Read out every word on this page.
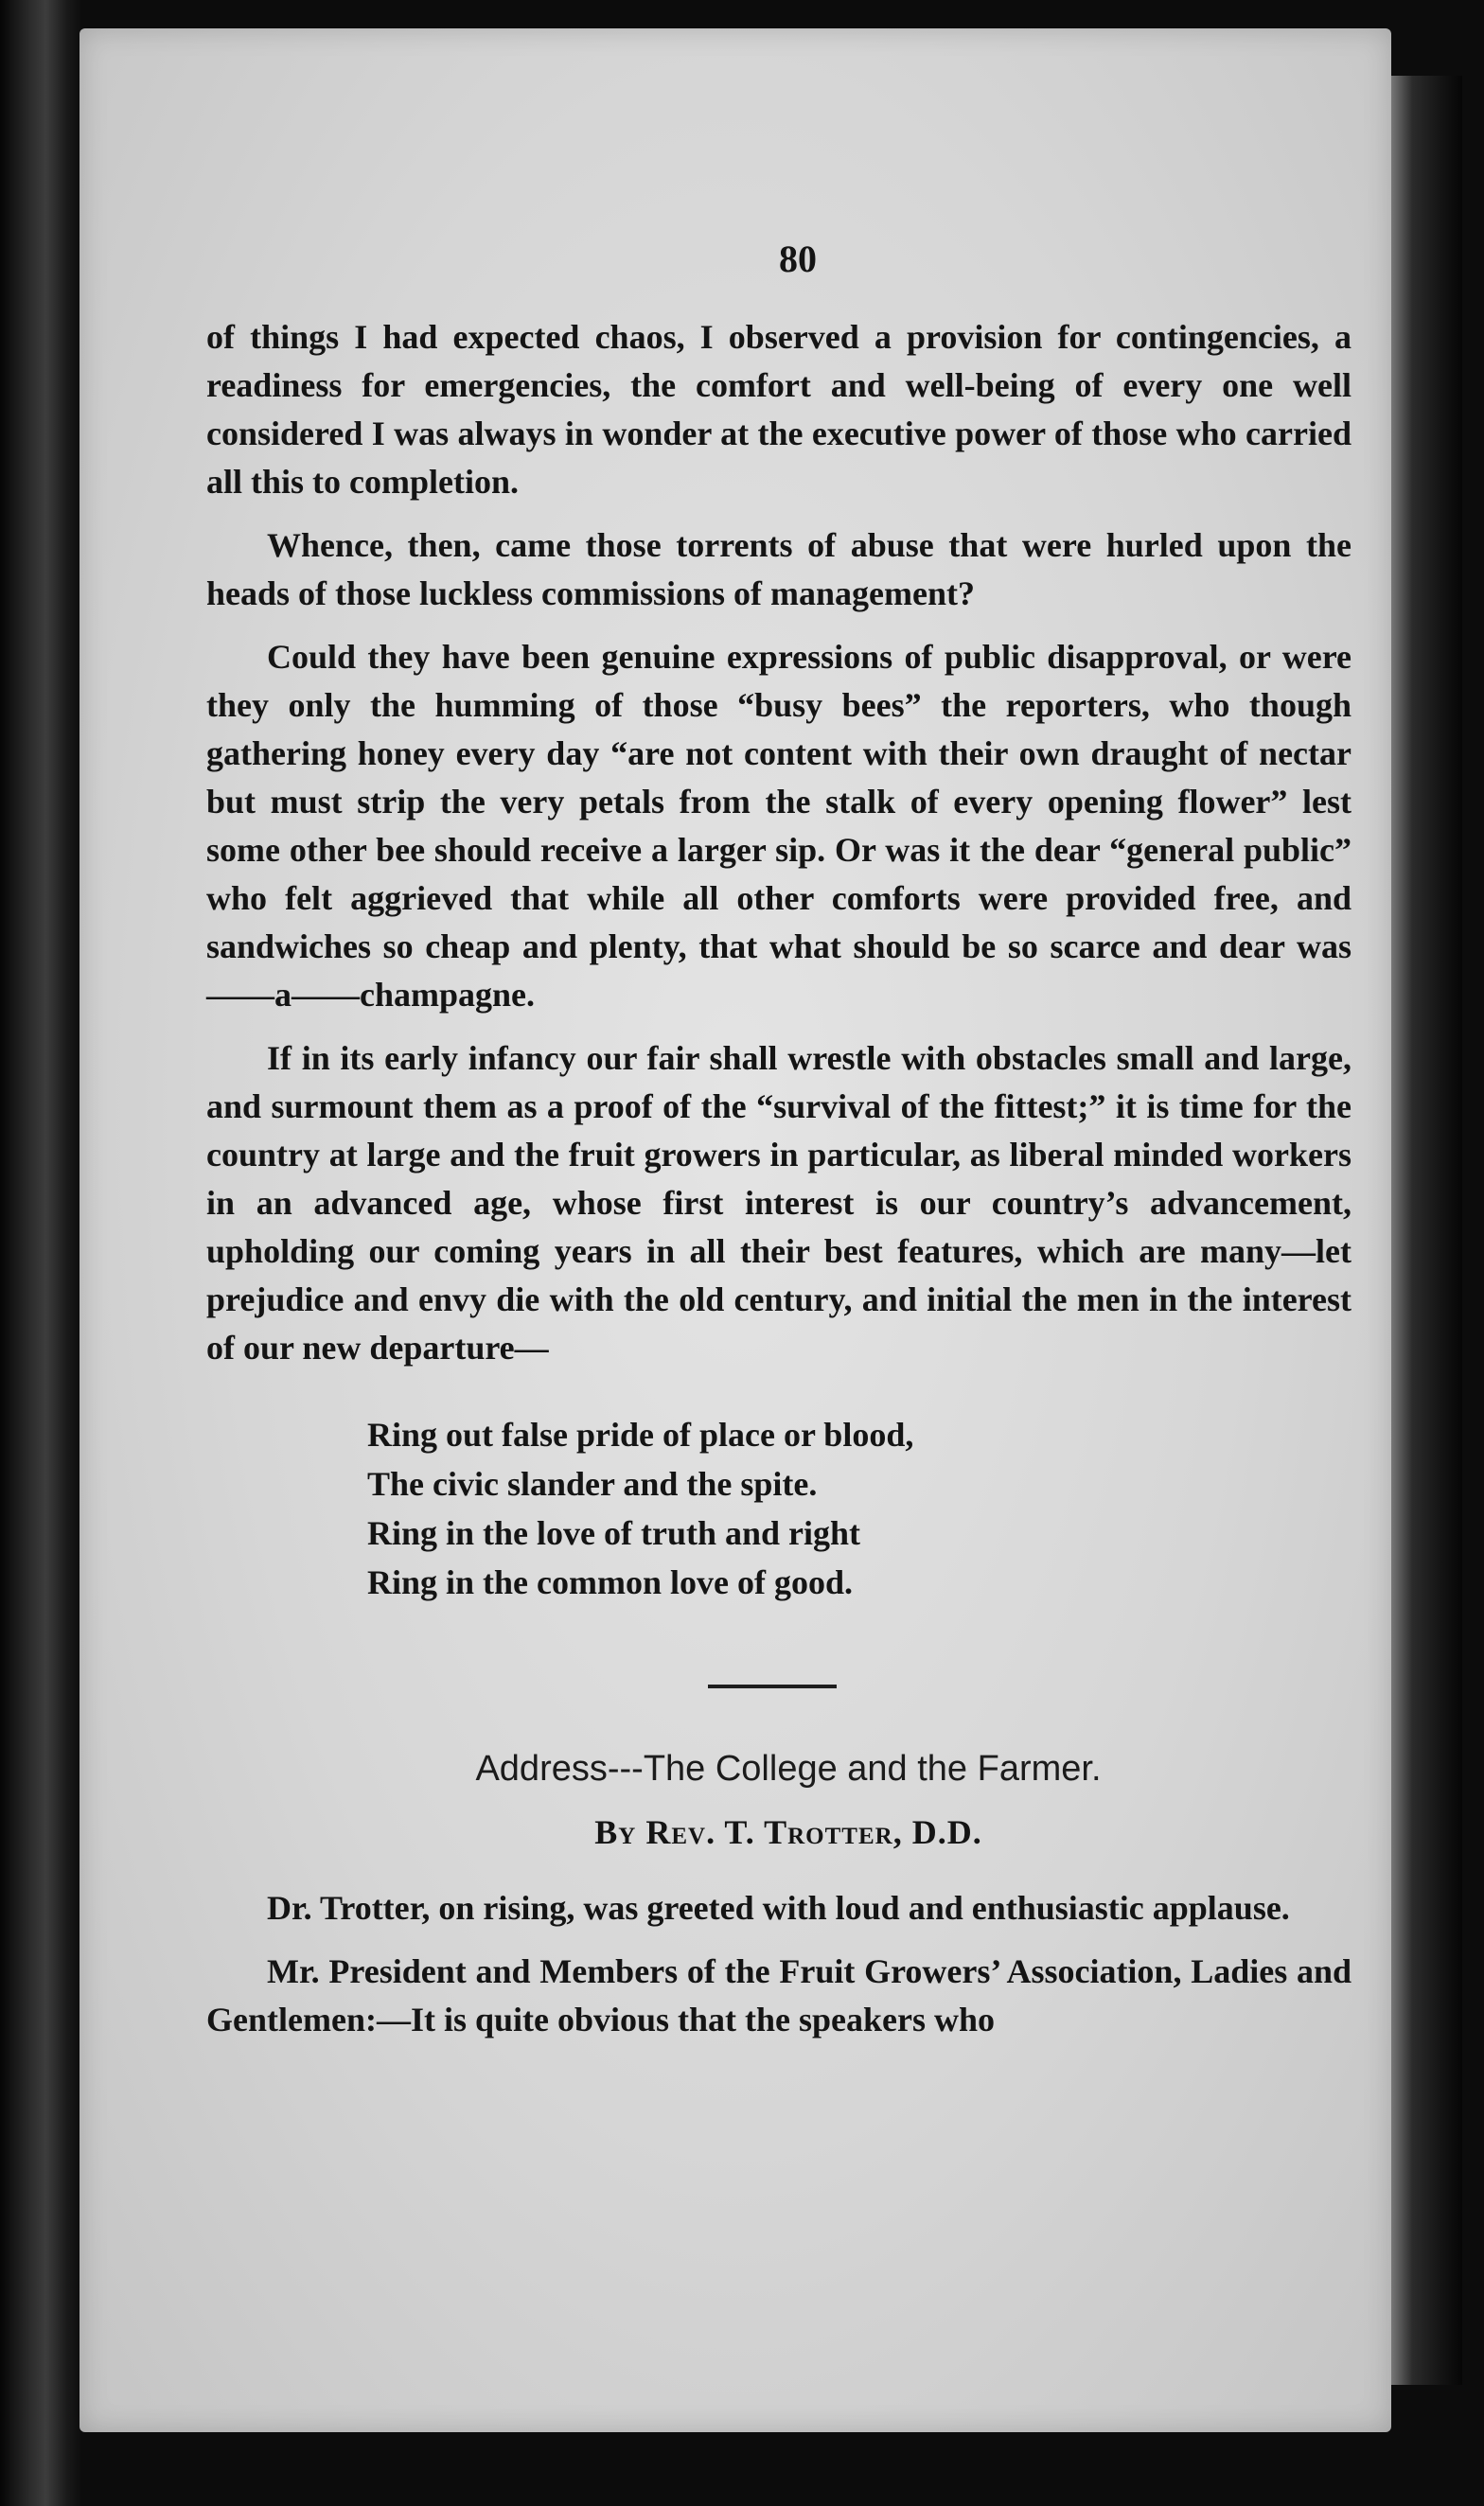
80

of things I had expected chaos, I observed a provision for contingencies, a readiness for emergencies, the comfort and well-being of every one well considered I was always in wonder at the executive power of those who carried all this to completion.

Whence, then, came those torrents of abuse that were hurled upon the heads of those luckless commissions of management?

Could they have been genuine expressions of public disapproval, or were they only the humming of those “busy bees” the reporters, who though gathering honey every day “are not content with their own draught of nectar but must strip the very petals from the stalk of every opening flower” lest some other bee should receive a larger sip. Or was it the dear “general public” who felt aggrieved that while all other comforts were provided free, and sandwiches so cheap and plenty, that what should be so scarce and dear was ——a——champagne.

If in its early infancy our fair shall wrestle with obstacles small and large, and surmount them as a proof of the “survival of the fittest;” it is time for the country at large and the fruit growers in particular, as liberal minded workers in an advanced age, whose first interest is our country’s advancement, upholding our coming years in all their best features, which are many—let prejudice and envy die with the old century, and initial the men in the interest of our new departure—

Ring out false pride of place or blood,
The civic slander and the spite.
Ring in the love of truth and right
Ring in the common love of good.
Address---The College and the Farmer.
By Rev. T. Trotter, D.D.

Dr. Trotter, on rising, was greeted with loud and enthusiastic applause.

Mr. President and Members of the Fruit Growers’ Association, Ladies and Gentlemen:—It is quite obvious that the speakers who
